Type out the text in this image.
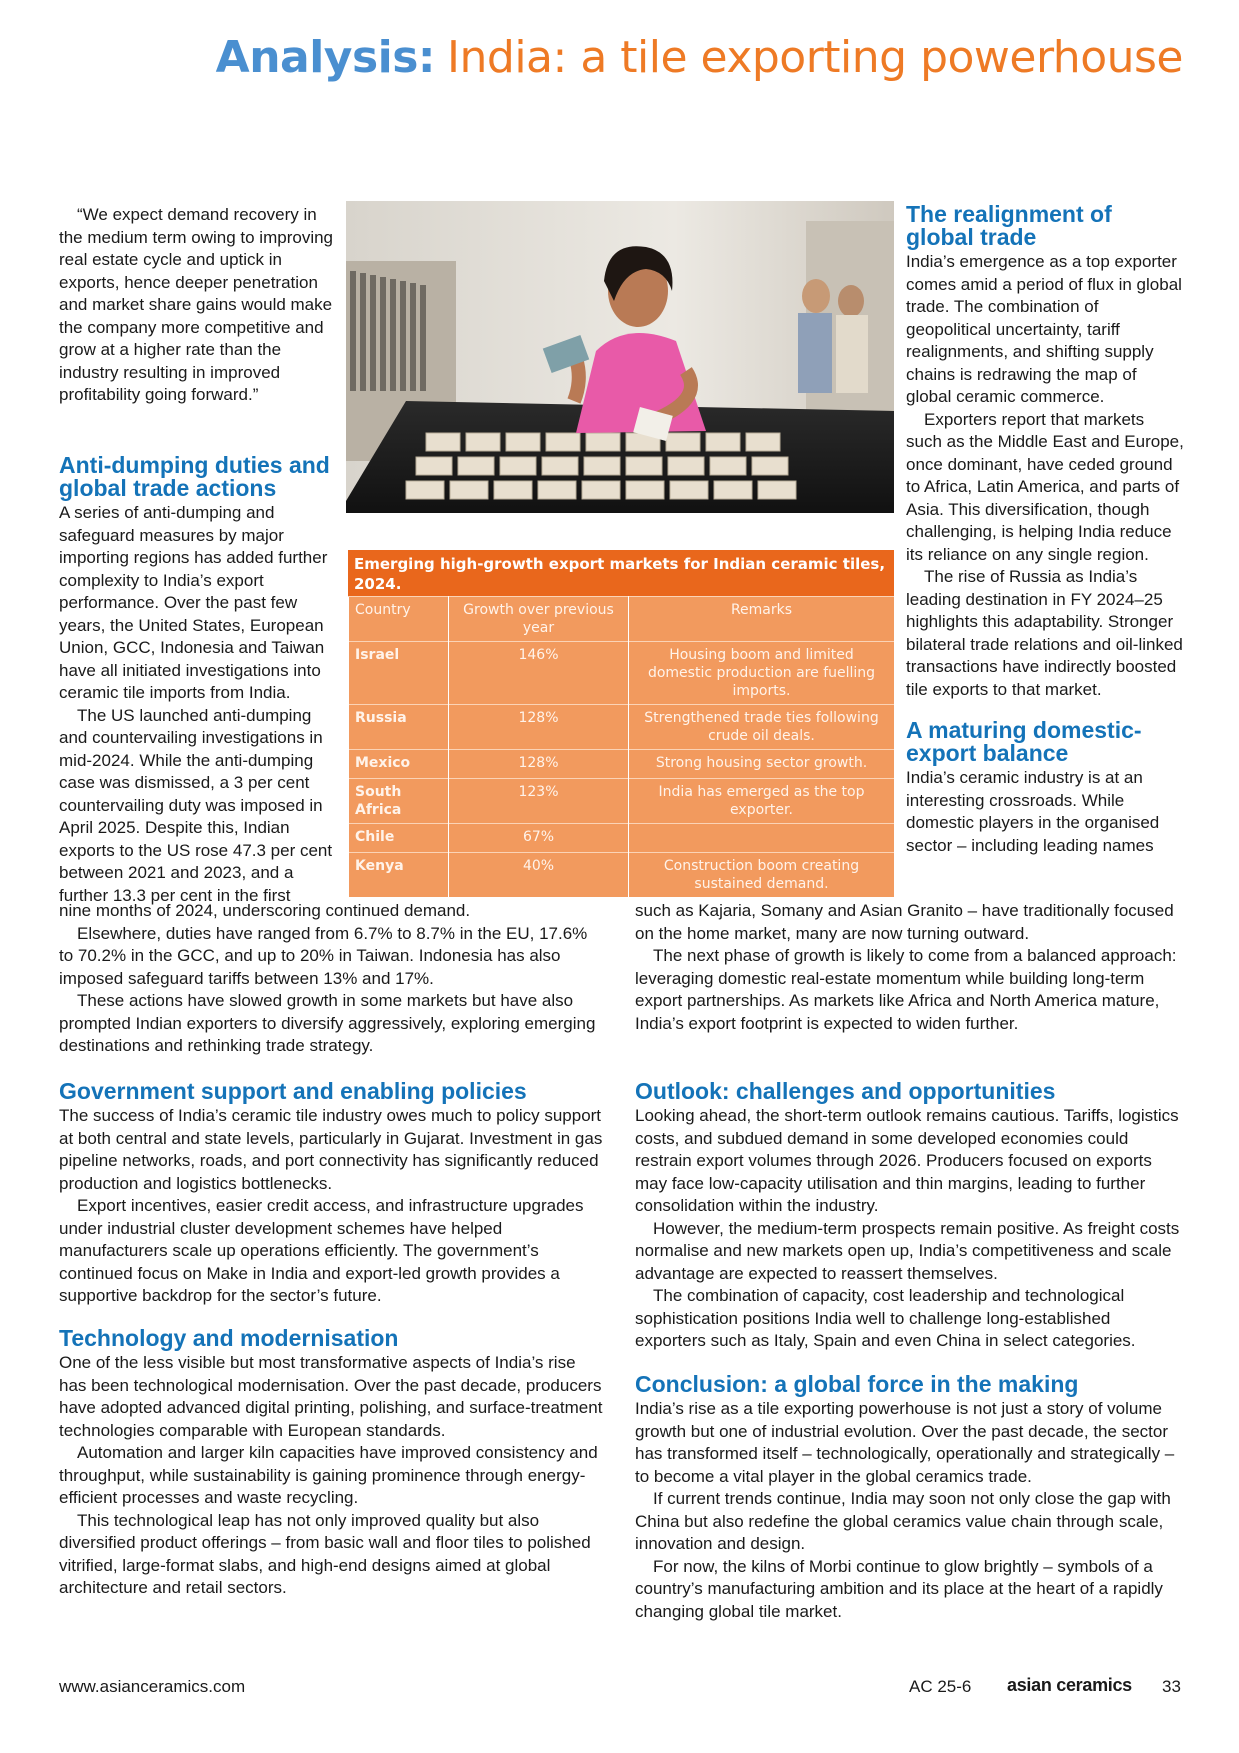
Analysis: India: a tile exporting powerhouse

“We expect demand recovery in the medium term owing to improving real estate cycle and uptick in exports, hence deeper penetration and market share gains would make the company more competitive and grow at a higher rate than the industry resulting in improved profitability going forward.”

Anti-dumping duties and global trade actions

A series of anti-dumping and safeguard measures by major importing regions has added further complexity to India’s export performance. Over the past few years, the United States, European Union, GCC, Indonesia and Taiwan have all initiated investigations into ceramic tile imports from India.

The US launched anti-dumping and countervailing investigations in mid-2024. While the anti-dumping case was dismissed, a 3 per cent countervailing duty was imposed in April 2025. Despite this, Indian exports to the US rose 47.3 per cent between 2021 and 2023, and a further 13.3 per cent in the first

Emerging high-growth export markets for Indian ceramic tiles, 2024.
Country	Growth over previous year	Remarks
Israel	146%	Housing boom and limited domestic production are fuelling imports.
Russia	128%	Strengthened trade ties following crude oil deals.
Mexico	128%	Strong housing sector growth.
South Africa	123%	India has emerged as the top exporter.
Chile	67%	
Kenya	40%	Construction boom creating sustained demand.
The realignment of global trade

India’s emergence as a top exporter comes amid a period of flux in global trade. The combination of geopolitical uncertainty, tariff realignments, and shifting supply chains is redrawing the map of global ceramic commerce.

Exporters report that markets such as the Middle East and Europe, once dominant, have ceded ground to Africa, Latin America, and parts of Asia. This diversification, though challenging, is helping India reduce its reliance on any single region.

The rise of Russia as India’s leading destination in FY 2024–25 highlights this adaptability. Stronger bilateral trade relations and oil-linked transactions have indirectly boosted tile exports to that market.

A maturing domestic-export balance

India’s ceramic industry is at an interesting crossroads. While domestic players in the organised sector – including leading names

nine months of 2024, underscoring continued demand.

Elsewhere, duties have ranged from 6.7% to 8.7% in the EU, 17.6% to 70.2% in the GCC, and up to 20% in Taiwan. Indonesia has also imposed safeguard tariffs between 13% and 17%.

These actions have slowed growth in some markets but have also prompted Indian exporters to diversify aggressively, exploring emerging destinations and rethinking trade strategy.

such as Kajaria, Somany and Asian Granito – have traditionally focused on the home market, many are now turning outward.

The next phase of growth is likely to come from a balanced approach: leveraging domestic real-estate momentum while building long-term export partnerships. As markets like Africa and North America mature, India’s export footprint is expected to widen further.

Government support and enabling policies

The success of India’s ceramic tile industry owes much to policy support at both central and state levels, particularly in Gujarat. Investment in gas pipeline networks, roads, and port connectivity has significantly reduced production and logistics bottlenecks.

Export incentives, easier credit access, and infrastructure upgrades under industrial cluster development schemes have helped manufacturers scale up operations efficiently. The government’s continued focus on Make in India and export-led growth provides a supportive backdrop for the sector’s future.

Technology and modernisation

One of the less visible but most transformative aspects of India’s rise has been technological modernisation. Over the past decade, producers have adopted advanced digital printing, polishing, and surface-treatment technologies comparable with European standards.

Automation and larger kiln capacities have improved consistency and throughput, while sustainability is gaining prominence through energy-efficient processes and waste recycling.

This technological leap has not only improved quality but also diversified product offerings – from basic wall and floor tiles to polished vitrified, large-format slabs, and high-end designs aimed at global architecture and retail sectors.

Outlook: challenges and opportunities

Looking ahead, the short-term outlook remains cautious. Tariffs, logistics costs, and subdued demand in some developed economies could restrain export volumes through 2026. Producers focused on exports may face low-capacity utilisation and thin margins, leading to further consolidation within the industry.

However, the medium-term prospects remain positive. As freight costs normalise and new markets open up, India’s competitiveness and scale advantage are expected to reassert themselves.

The combination of capacity, cost leadership and technological sophistication positions India well to challenge long-established exporters such as Italy, Spain and even China in select categories.

Conclusion: a global force in the making

India’s rise as a tile exporting powerhouse is not just a story of volume growth but one of industrial evolution. Over the past decade, the sector has transformed itself – technologically, operationally and strategically – to become a vital player in the global ceramics trade.

If current trends continue, India may soon not only close the gap with China but also redefine the global ceramics value chain through scale, innovation and design.

For now, the kilns of Morbi continue to glow brightly – symbols of a country’s manufacturing ambition and its place at the heart of a rapidly changing global tile market.

www.asianceramics.com	AC 25-6 asian ceramics 33
